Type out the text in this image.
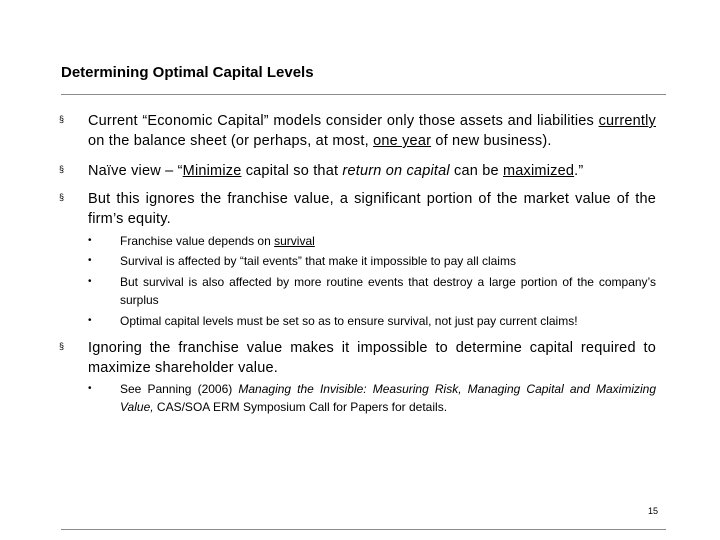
Determining Optimal Capital Levels
§ Current “Economic Capital” models consider only those assets and liabilities currently on the balance sheet (or perhaps, at most, one year of new business).
§ Naïve view – “Minimize capital so that return on capital can be maximized.”
§ But this ignores the franchise value, a significant portion of the market value of the firm’s equity.
•	Franchise value depends on survival
•	Survival is affected by “tail events” that make it impossible to pay all claims
•	But survival is also affected by more routine events that destroy a large portion of the company’s surplus
•	Optimal capital levels must be set so as to ensure survival, not just pay current claims!
§ Ignoring the franchise value makes it impossible to determine capital required to maximize shareholder value.
•	See Panning (2006) Managing the Invisible: Measuring Risk, Managing Capital and Maximizing Value, CAS/SOA ERM Symposium Call for Papers for details.
15
